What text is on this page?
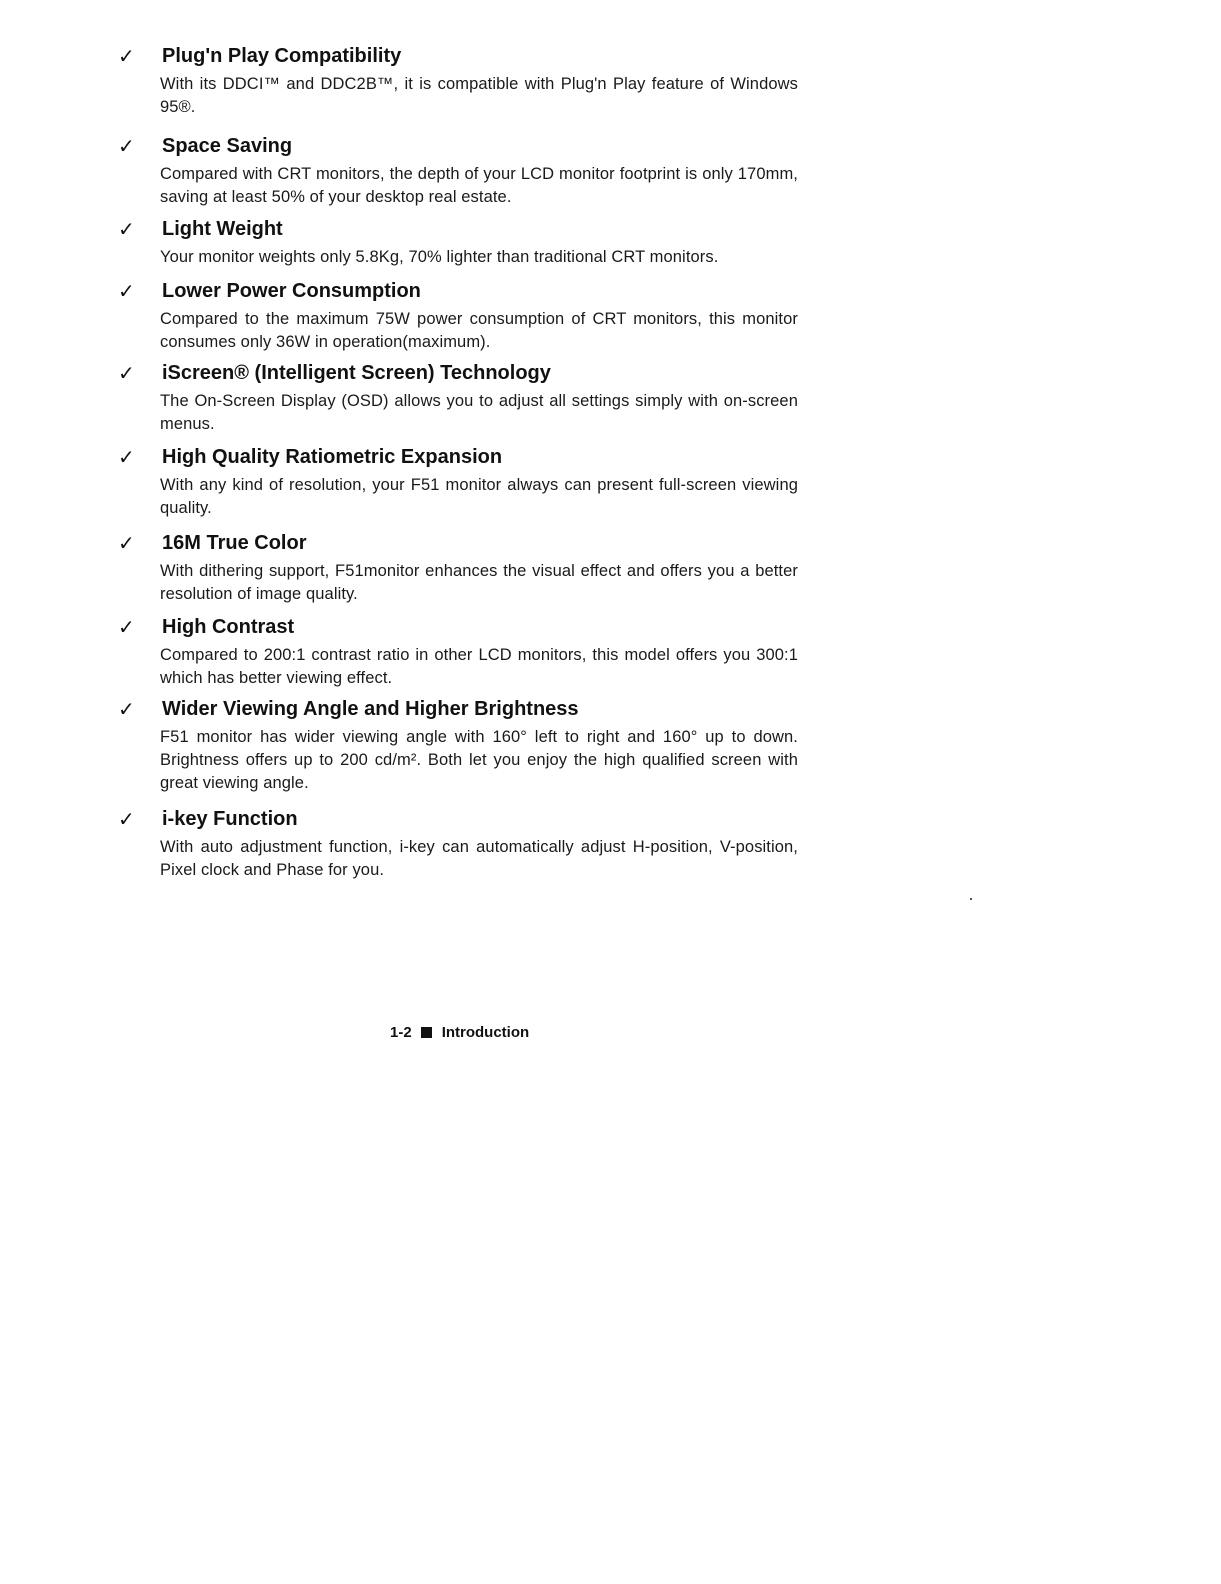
✓	Plug'n Play Compatibility

With its DDCI™ and DDC2B™, it is compatible with Plug'n Play feature of Windows 95®.

✓	Space Saving

Compared with CRT monitors, the depth of your LCD monitor footprint is only 170mm, saving at least 50% of your desktop real estate.

✓	Light Weight

Your monitor weights only 5.8Kg, 70% lighter than traditional CRT monitors.

✓	Lower Power Consumption

Compared to the maximum 75W power consumption of CRT monitors, this monitor consumes only 36W in operation(maximum).

✓	iScreen® (Intelligent Screen) Technology

The On-Screen Display (OSD) allows you to adjust all settings simply with on-screen menus.

✓	High Quality Ratiometric Expansion

With any kind of resolution, your F51 monitor always can present full-screen viewing quality.

✓	16M True Color

With dithering support, F51monitor enhances the visual effect and offers you a better resolution of image quality.

✓	High Contrast

Compared to 200:1 contrast ratio in other LCD monitors, this model offers you 300:1 which has better viewing effect.

✓	Wider Viewing Angle and Higher Brightness

F51 monitor has wider viewing angle with 160° left to right and 160° up to down. Brightness offers up to 200 cd/m². Both let you enjoy the high qualified screen with great viewing angle.

✓	i-key Function

With auto adjustment function, i-key can automatically adjust H-position, V-position, Pixel clock and Phase for you.

1-2 Introduction
